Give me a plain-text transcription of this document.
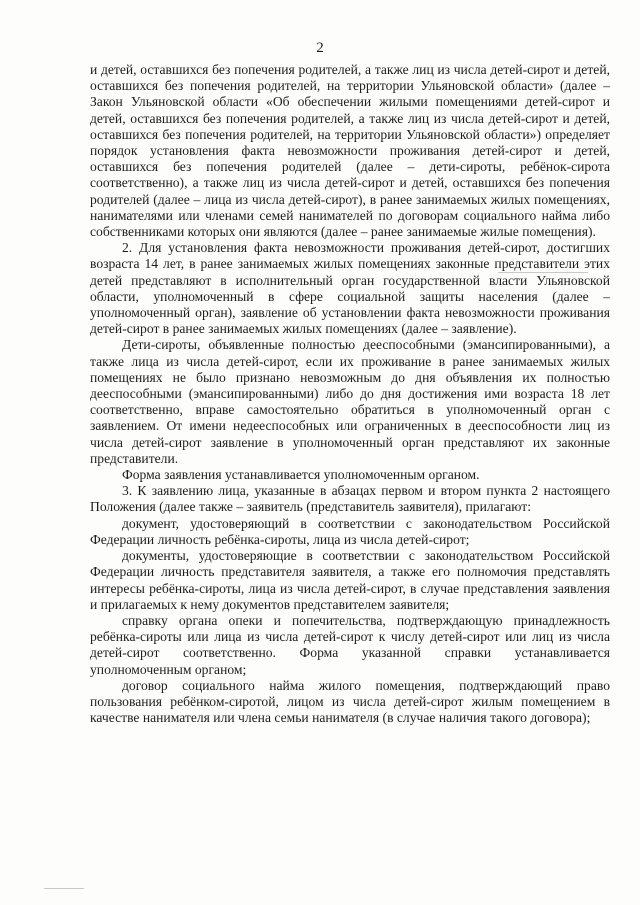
2

и детей, оставшихся без попечения родителей, а также лиц из числа детей-сирот и детей, оставшихся без попечения родителей, на территории Ульяновской области» (далее – Закон Ульяновской области «Об обеспечении жилыми помещениями детей-сирот и детей, оставшихся без попечения родителей, а также лиц из числа детей-сирот и детей, оставшихся без попечения родителей, на территории Ульяновской области») определяет порядок установления факта невозможности проживания детей-сирот и детей, оставшихся без попечения родителей (далее – дети-сироты, ребёнок-сирота соответственно), а также лиц из числа детей-сирот и детей, оставшихся без попечения родителей (далее – лица из числа детей-сирот), в ранее занимаемых жилых помещениях, нанимателями или членами семей нанимателей по договорам социального найма либо собственниками которых они являются (далее – ранее занимаемые жилые помещения).

2. Для установления факта невозможности проживания детей-сирот, достигших возраста 14 лет, в ранее занимаемых жилых помещениях законные представители этих детей представляют в исполнительный орган государственной власти Ульяновской области, уполномоченный в сфере социальной защиты населения (далее – уполномоченный орган), заявление об установлении факта невозможности проживания детей-сирот в ранее занимаемых жилых помещениях (далее – заявление).

Дети-сироты, объявленные полностью дееспособными (эмансипированными), а также лица из числа детей-сирот, если их проживание в ранее занимаемых жилых помещениях не было признано невозможным до дня объявления их полностью дееспособными (эмансипированными) либо до дня достижения ими возраста 18 лет соответственно, вправе самостоятельно обратиться в уполномоченный орган с заявлением. От имени недееспособных или ограниченных в дееспособности лиц из числа детей-сирот заявление в уполномоченный орган представляют их законные представители.

Форма заявления устанавливается уполномоченным органом.

3. К заявлению лица, указанные в абзацах первом и втором пункта 2 настоящего Положения (далее также – заявитель (представитель заявителя), прилагают:

документ, удостоверяющий в соответствии с законодательством Российской Федерации личность ребёнка-сироты, лица из числа детей-сирот;

документы, удостоверяющие в соответствии с законодательством Российской Федерации личность представителя заявителя, а также его полномочия представлять интересы ребёнка-сироты, лица из числа детей-сирот, в случае представления заявления и прилагаемых к нему документов представителем заявителя;

справку органа опеки и попечительства, подтверждающую принадлежность ребёнка-сироты или лица из числа детей-сирот к числу детей-сирот или лиц из числа детей-сирот соответственно. Форма указанной справки устанавливается уполномоченным органом;

договор социального найма жилого помещения, подтверждающий право пользования ребёнком-сиротой, лицом из числа детей-сирот жилым помещением в качестве нанимателя или члена семьи нанимателя (в случае наличия такого договора);
